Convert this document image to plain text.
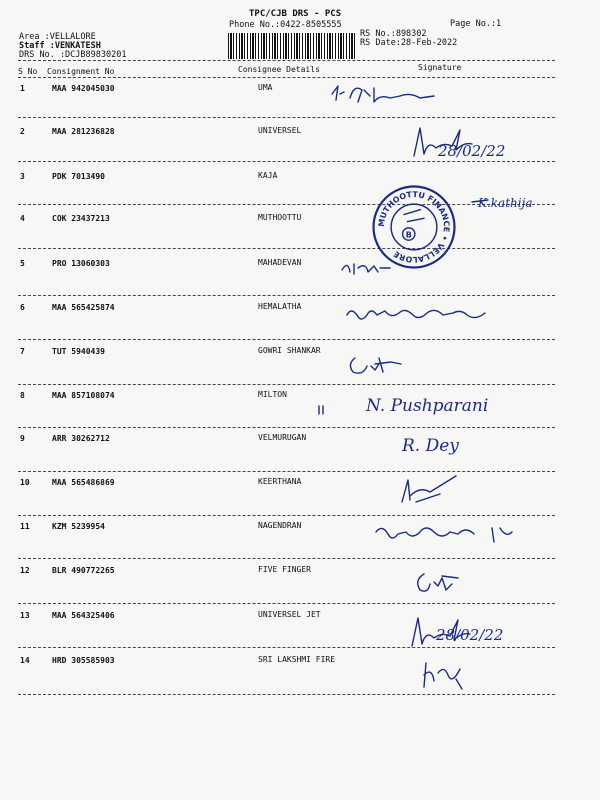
TPC/CJB DRS - PCS
Phone No.:0422-8505555	Page No.:1
Area :VELLALORE
Staff :VENKATESH
DRS No. :DCJB89830201
RS No.:898302
RS Date:28-Feb-2022
S No Consignment No	Consignee Details	Signature
1	MAA 942045030	UMA
2	MAA 281236828	UNIVERSEL
3	PDK 7013490	KAJA
4	COK 23437213	MUTHOOTTU
5	PRO 13060303	MAHADEVAN
6	MAA 565425874	HEMALATHA
7	TUT 5940439	GOWRI SHANKAR
8	MAA 857108074	MILTON
9	ARR 30262712	VELMURUGAN
10	MAA 565486869	KEERTHANA
11	KZM 5239954	NAGENDRAN
12	BLR 490772265	FIVE FINGER
13	MAA 564325406	UNIVERSEL JET
14	HRD 305585903	SRI LAKSHMI FIRE
28/02/22
K.kathija
N. Pushparani
R. Dey
28/02/22
MUTHOOTTU FINANCE • VELLALORE
B
